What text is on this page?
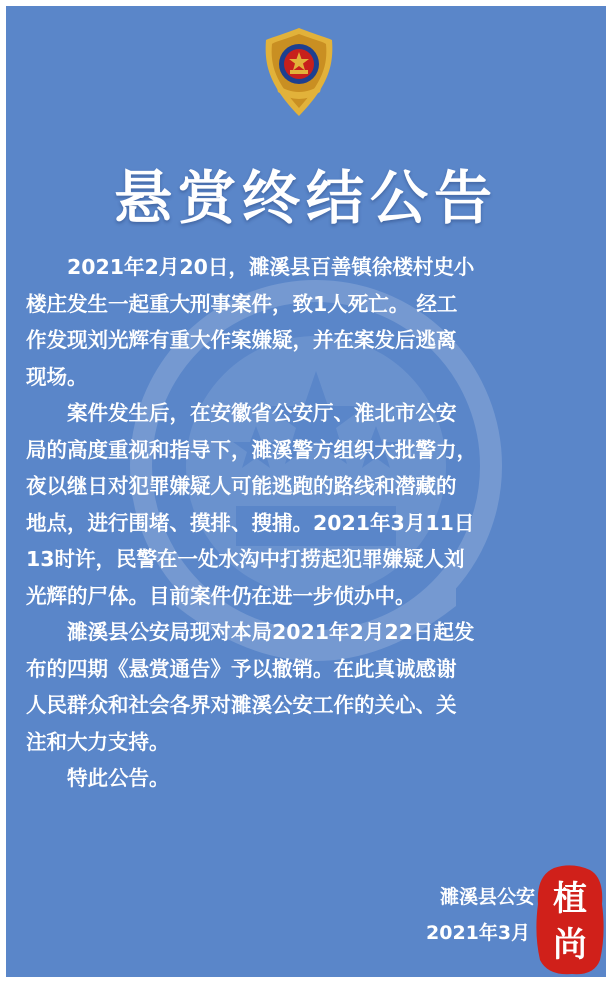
悬赏终结公告

2021年2月20日，濉溪县百善镇徐楼村史小
楼庄发生一起重大刑事案件，致1人死亡。 经工
作发现刘光辉有重大作案嫌疑，并在案发后逃离
现场。

案件发生后，在安徽省公安厅、淮北市公安
局的高度重视和指导下，濉溪警方组织大批警力，
夜以继日对犯罪嫌疑人可能逃跑的路线和潜藏的
地点，进行围堵、摸排、搜捕。2021年3月11日
13时许，民警在一处水沟中打捞起犯罪嫌疑人刘
光辉的尸体。目前案件仍在进一步侦办中。

濉溪县公安局现对本局2021年2月22日起发
布的四期《悬赏通告》予以撤销。在此真诚感谢
人民群众和社会各界对濉溪公安工作的关心、关
注和大力支持。

特此公告。

濉溪县公安
2021年3月
植
尚
